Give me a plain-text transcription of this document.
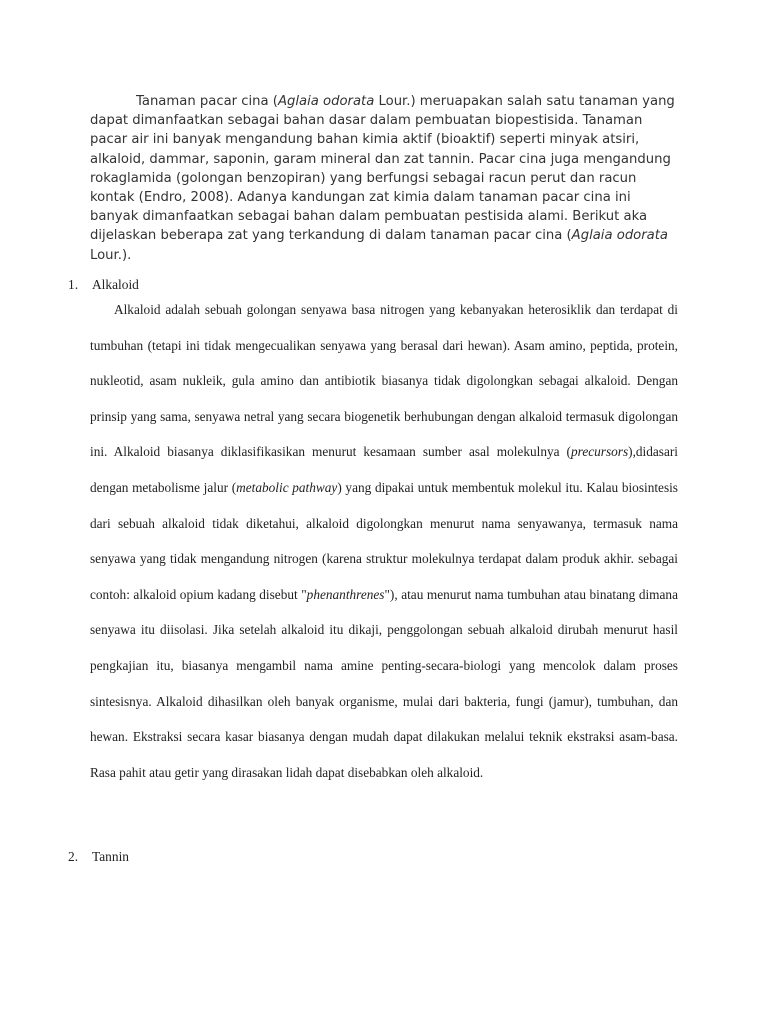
Tanaman pacar cina (Aglaia odorata Lour.) meruapakan salah satu tanaman yang dapat dimanfaatkan sebagai bahan dasar dalam pembuatan biopestisida. Tanaman pacar air ini banyak mengandung bahan kimia aktif (bioaktif) seperti minyak atsiri, alkaloid, dammar, saponin, garam mineral dan zat tannin. Pacar cina juga mengandung rokaglamida (golongan benzopiran) yang berfungsi sebagai racun perut dan racun kontak (Endro, 2008). Adanya kandungan zat kimia dalam tanaman pacar cina ini banyak dimanfaatkan sebagai bahan dalam pembuatan pestisida alami. Berikut aka dijelaskan beberapa zat yang terkandung di dalam tanaman pacar cina (Aglaia odorata Lour.).

1. Alkaloid

Alkaloid adalah sebuah golongan senyawa basa nitrogen yang kebanyakan heterosiklik dan terdapat di tumbuhan (tetapi ini tidak mengecualikan senyawa yang berasal dari hewan). Asam amino, peptida, protein, nukleotid, asam nukleik, gula amino dan antibiotik biasanya tidak digolongkan sebagai alkaloid. Dengan prinsip yang sama, senyawa netral yang secara biogenetik berhubungan dengan alkaloid termasuk digolongan ini. Alkaloid biasanya diklasifikasikan menurut kesamaan sumber asal molekulnya (precursors),didasari dengan metabolisme jalur (metabolic pathway) yang dipakai untuk membentuk molekul itu. Kalau biosintesis dari sebuah alkaloid tidak diketahui, alkaloid digolongkan menurut nama senyawanya, termasuk nama senyawa yang tidak mengandung nitrogen (karena struktur molekulnya terdapat dalam produk akhir. sebagai contoh: alkaloid opium kadang disebut "phenanthrenes"), atau menurut nama tumbuhan atau binatang dimana senyawa itu diisolasi. Jika setelah alkaloid itu dikaji, penggolongan sebuah alkaloid dirubah menurut hasil pengkajian itu, biasanya mengambil nama amine penting-secara-biologi yang mencolok dalam proses sintesisnya. Alkaloid dihasilkan oleh banyak organisme, mulai dari bakteria, fungi (jamur), tumbuhan, dan hewan. Ekstraksi secara kasar biasanya dengan mudah dapat dilakukan melalui teknik ekstraksi asam-basa. Rasa pahit atau getir yang dirasakan lidah dapat disebabkan oleh alkaloid.

2. Tannin
